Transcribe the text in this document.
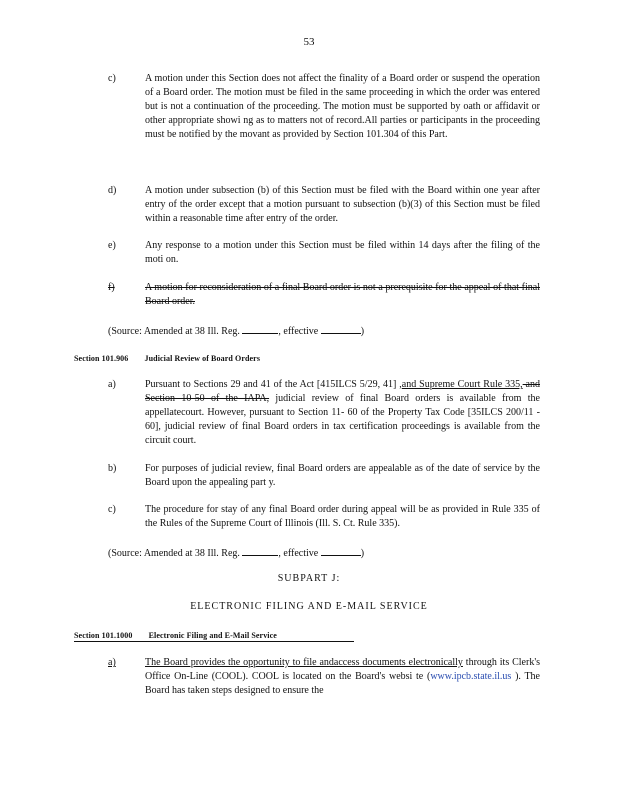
53
c)	A motion under this Section does not affect the finality of a Board order or suspend the operation of a Board order. The motion must be filed in the same proceeding in which the order was entered but is not a continuation of the proceeding. The motion must be supported by oath or affidavit or other appropriate showi ng as to matters not of record.All parties or participants in the proceeding must be notified by the movant as provided by Section 101.304 of this Part.
d)	A motion under subsection (b) of this Section must be filed with the Board within one year after entry of the order except that a motion pursuant to subsection (b)(3) of this Section must be filed within a reasonable time after entry of the order.
e)	Any response to a motion under this Section must be filed within 14 days after the filing of the moti on.
f)	A motion for reconsideration of a final Board order is not a prerequisite for the appeal of that final Board order.
(Source: Amended at 38 Ill. Reg.	, effective	)
Section 101.906 Judicial Review of Board Orders
a)	Pursuant to Sections 29 and 41 of the Act [415ILCS 5/29, 41] ,and Supreme Court Rule 335, and Section 10-50 of the IAPA, judicial review of final Board orders is available from the appellatecourt. However, pursuant to Section 11- 60 of the Property Tax Code [35ILCS 200/11 - 60], judicial review of final Board orders in tax certification proceedings is available from the circuit court.
b)	For purposes of judicial review, final Board orders are appealable as of the date of service by the Board upon the appealing part y.
c)	The procedure for stay of any final Board order during appeal will be as provided in Rule 335 of the Rules of the Supreme Court of Illinois (Ill. S. Ct. Rule 335).
(Source: Amended at 38 Ill. Reg.	, effective	)
SUBPART J:
ELECTRONIC FILING AND E-MAIL SERVICE
Section 101.1000 Electronic Filing and E-Mail Service
a)	The Board provides the opportunity to file andaccess documents electronically through its Clerk's Office On-Line (COOL). COOL is located on the Board's websi te (www.ipcb.state.il.us ). The Board has taken steps designed to ensure the
